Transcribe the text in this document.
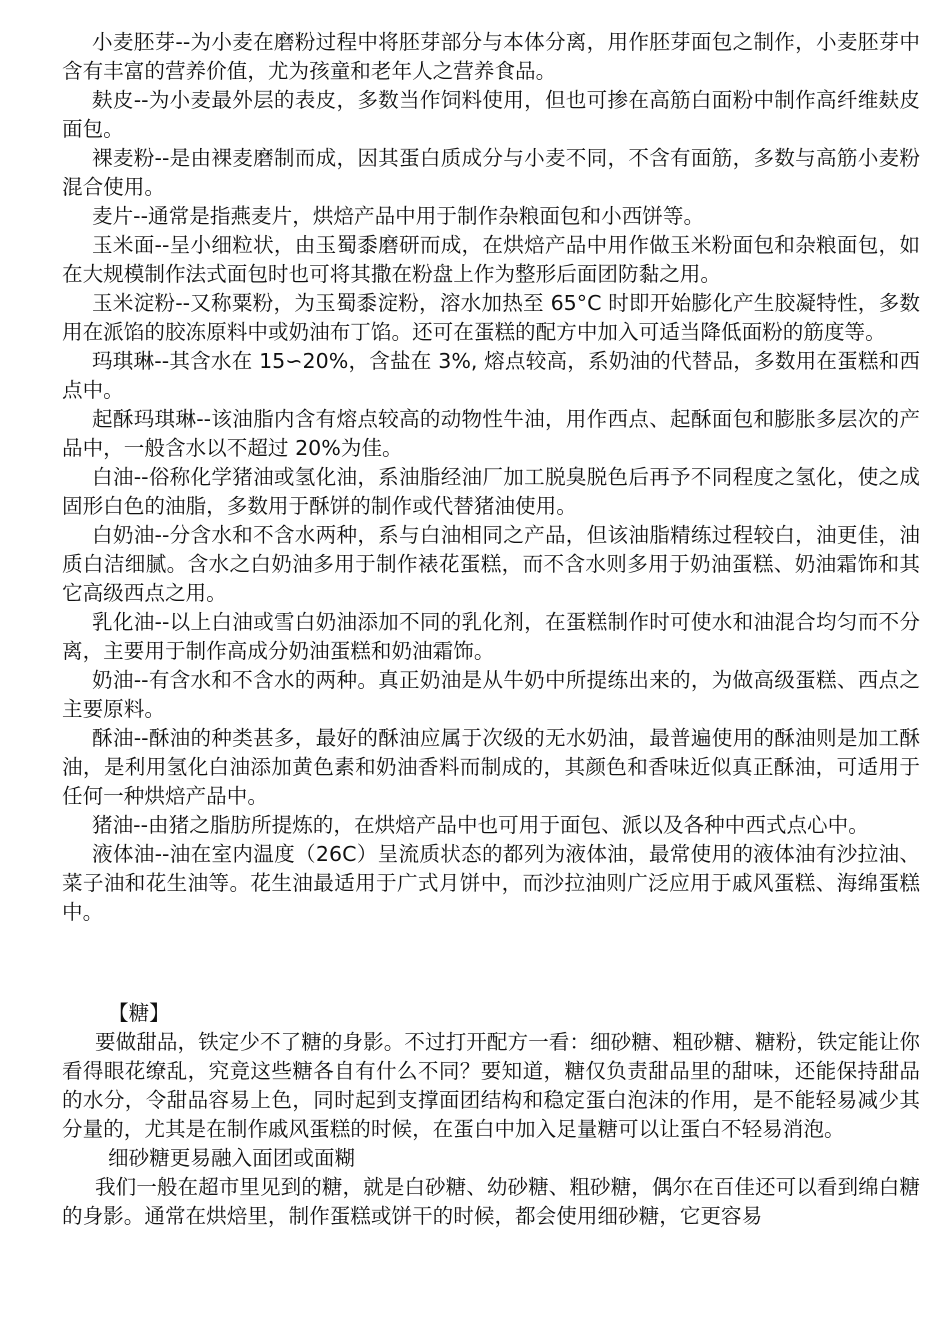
小麦胚芽--为小麦在磨粉过程中将胚芽部分与本体分离，用作胚芽面包之制作，小麦胚芽中含有丰富的营养价值，尤为孩童和老年人之营养食品。

麸皮--为小麦最外层的表皮，多数当作饲料使用，但也可掺在高筋白面粉中制作高纤维麸皮面包。

裸麦粉--是由裸麦磨制而成，因其蛋白质成分与小麦不同，不含有面筋，多数与高筋小麦粉混合使用。

麦片--通常是指燕麦片，烘焙产品中用于制作杂粮面包和小西饼等。

玉米面--呈小细粒状，由玉蜀黍磨研而成，在烘焙产品中用作做玉米粉面包和杂粮面包，如在大规模制作法式面包时也可将其撒在粉盘上作为整形后面团防黏之用。

玉米淀粉--又称粟粉，为玉蜀黍淀粉，溶水加热至 65°C 时即开始膨化产生胶凝特性，多数用在派馅的胶冻原料中或奶油布丁馅。还可在蛋糕的配方中加入可适当降低面粉的筋度等。

玛琪琳--其含水在 15∽20%，含盐在 3%, 熔点较高，系奶油的代替品，多数用在蛋糕和西点中。

起酥玛琪琳--该油脂内含有熔点较高的动物性牛油，用作西点、起酥面包和膨胀多层次的产品中，一般含水以不超过 20%为佳。

白油--俗称化学猪油或氢化油，系油脂经油厂加工脱臭脱色后再予不同程度之氢化，使之成固形白色的油脂，多数用于酥饼的制作或代替猪油使用。

白奶油--分含水和不含水两种，系与白油相同之产品，但该油脂精练过程较白，油更佳，油质白洁细腻。含水之白奶油多用于制作裱花蛋糕，而不含水则多用于奶油蛋糕、奶油霜饰和其它高级西点之用。

乳化油--以上白油或雪白奶油添加不同的乳化剂，在蛋糕制作时可使水和油混合均匀而不分离，主要用于制作高成分奶油蛋糕和奶油霜饰。

奶油--有含水和不含水的两种。真正奶油是从牛奶中所提练出来的，为做高级蛋糕、西点之主要原料。

酥油--酥油的种类甚多，最好的酥油应属于次级的无水奶油，最普遍使用的酥油则是加工酥油，是利用氢化白油添加黄色素和奶油香料而制成的，其颜色和香味近似真正酥油，可适用于任何一种烘焙产品中。

猪油--由猪之脂肪所提炼的，在烘焙产品中也可用于面包、派以及各种中西式点心中。

液体油--油在室内温度（26C）呈流质状态的都列为液体油，最常使用的液体油有沙拉油、菜子油和花生油等。花生油最适用于广式月饼中，而沙拉油则广泛应用于戚风蛋糕、海绵蛋糕中。

【糖】

要做甜品，铁定少不了糖的身影。不过打开配方一看：细砂糖、粗砂糖、糖粉，铁定能让你看得眼花缭乱，究竟这些糖各自有什么不同？要知道，糖仅负责甜品里的甜味，还能保持甜品的水分，令甜品容易上色，同时起到支撑面团结构和稳定蛋白泡沫的作用，是不能轻易减少其分量的，尤其是在制作戚风蛋糕的时候，在蛋白中加入足量糖可以让蛋白不轻易消泡。

细砂糖更易融入面团或面糊

我们一般在超市里见到的糖，就是白砂糖、幼砂糖、粗砂糖，偶尔在百佳还可以看到绵白糖的身影。通常在烘焙里，制作蛋糕或饼干的时候，都会使用细砂糖，它更容易
